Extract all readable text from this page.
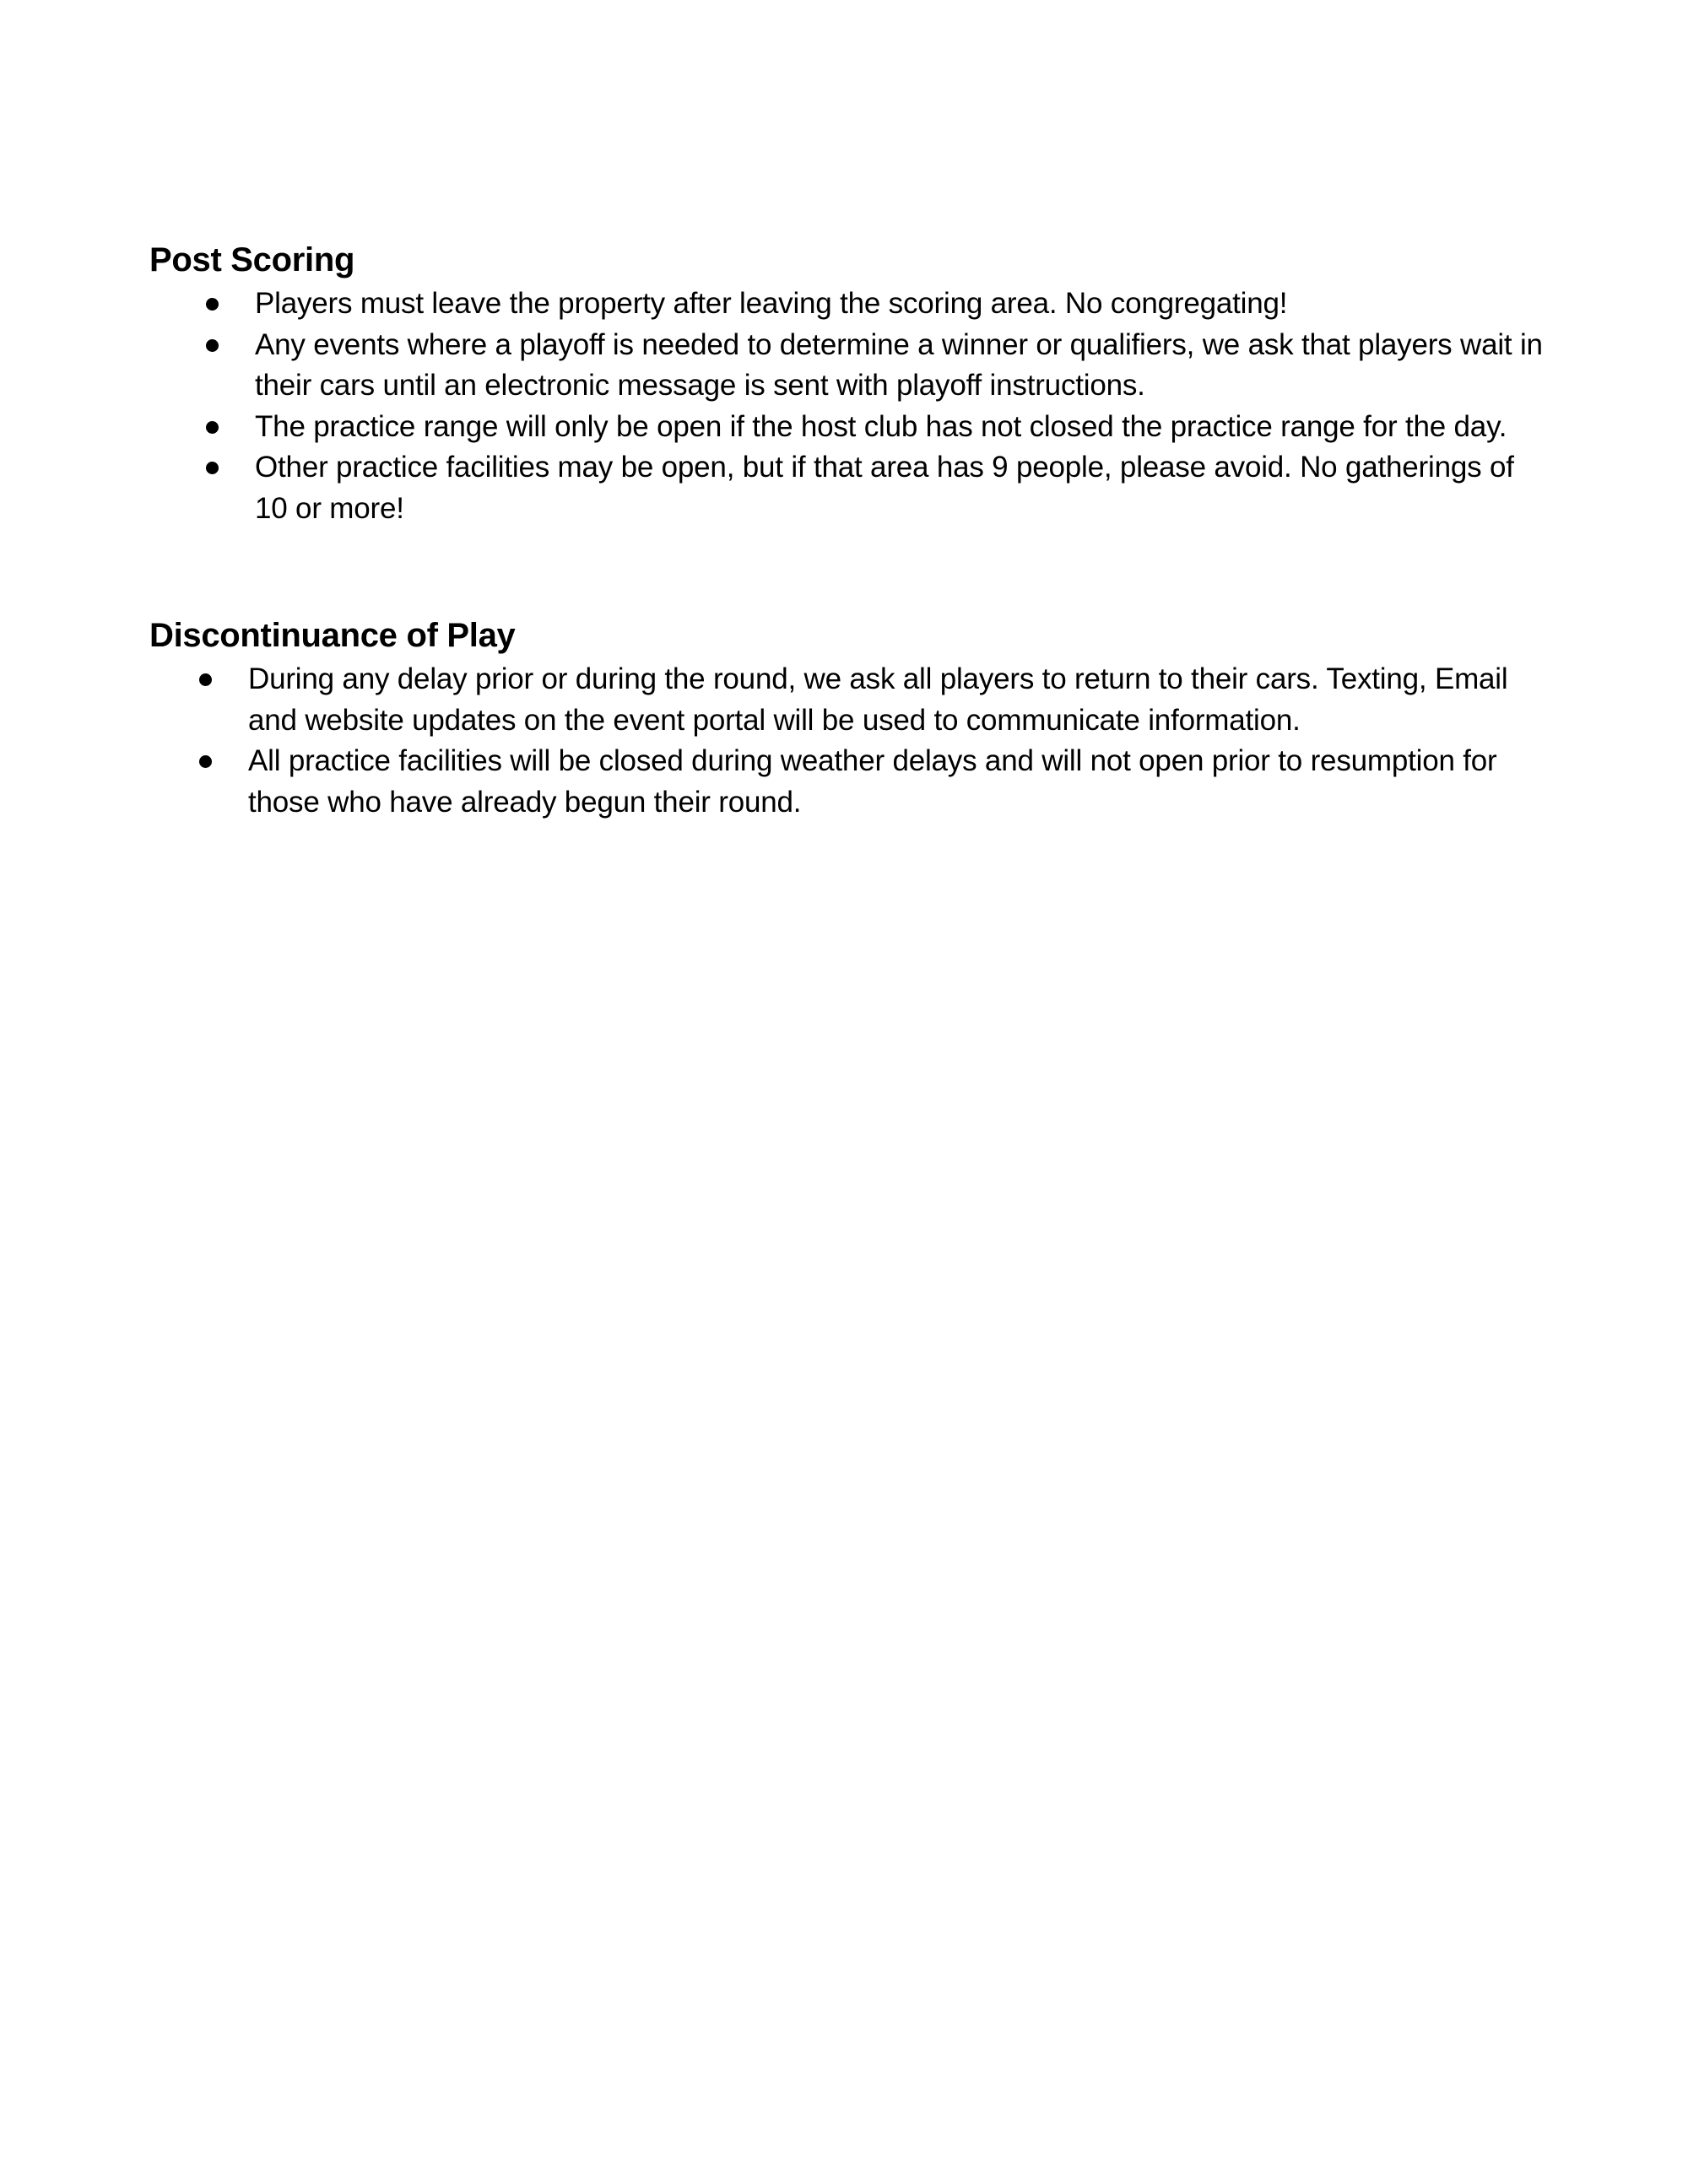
Post Scoring
Players must leave the property after leaving the scoring area. No congregating!
Any events where a playoff is needed to determine a winner or qualifiers, we ask that players wait in their cars until an electronic message is sent with playoff instructions.
The practice range will only be open if the host club has not closed the practice range for the day.
Other practice facilities may be open, but if that area has 9 people, please avoid. No gatherings of 10 or more!
Discontinuance of Play
During any delay prior or during the round, we ask all players to return to their cars. Texting, Email and website updates on the event portal will be used to communicate information.
All practice facilities will be closed during weather delays and will not open prior to resumption for those who have already begun their round.
